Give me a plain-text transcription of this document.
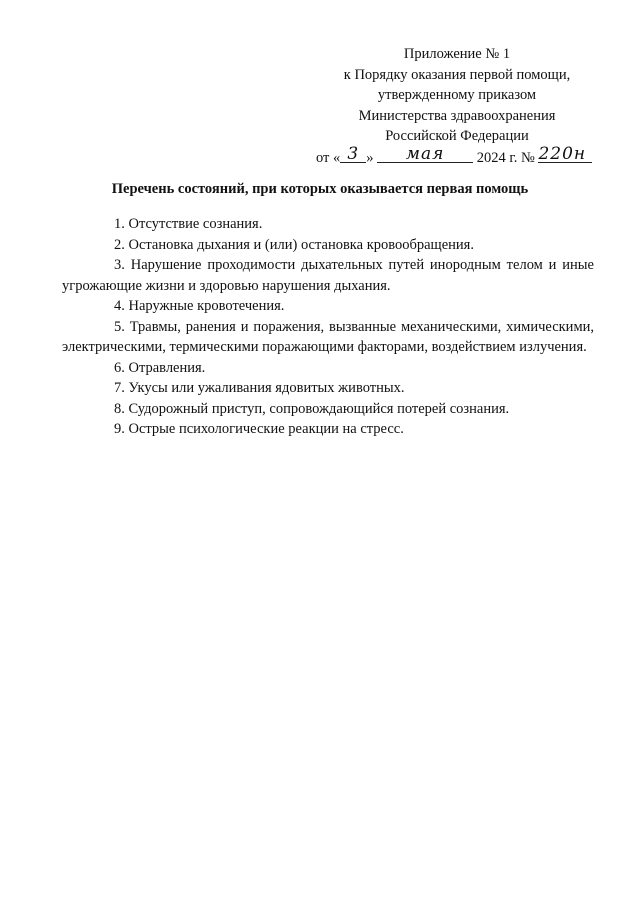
Приложение № 1
к Порядку оказания первой помощи,
утвержденному приказом
Министерства здравоохранения
Российской Федерации
от « 3 » мая 2024 г. № 220н
Перечень состояний, при которых оказывается первая помощь
1. Отсутствие сознания.
2. Остановка дыхания и (или) остановка кровообращения.
3. Нарушение проходимости дыхательных путей инородным телом и иные угрожающие жизни и здоровью нарушения дыхания.
4. Наружные кровотечения.
5. Травмы, ранения и поражения, вызванные механическими, химическими, электрическими, термическими поражающими факторами, воздействием излучения.
6. Отравления.
7. Укусы или ужаливания ядовитых животных.
8. Судорожный приступ, сопровождающийся потерей сознания.
9. Острые психологические реакции на стресс.
